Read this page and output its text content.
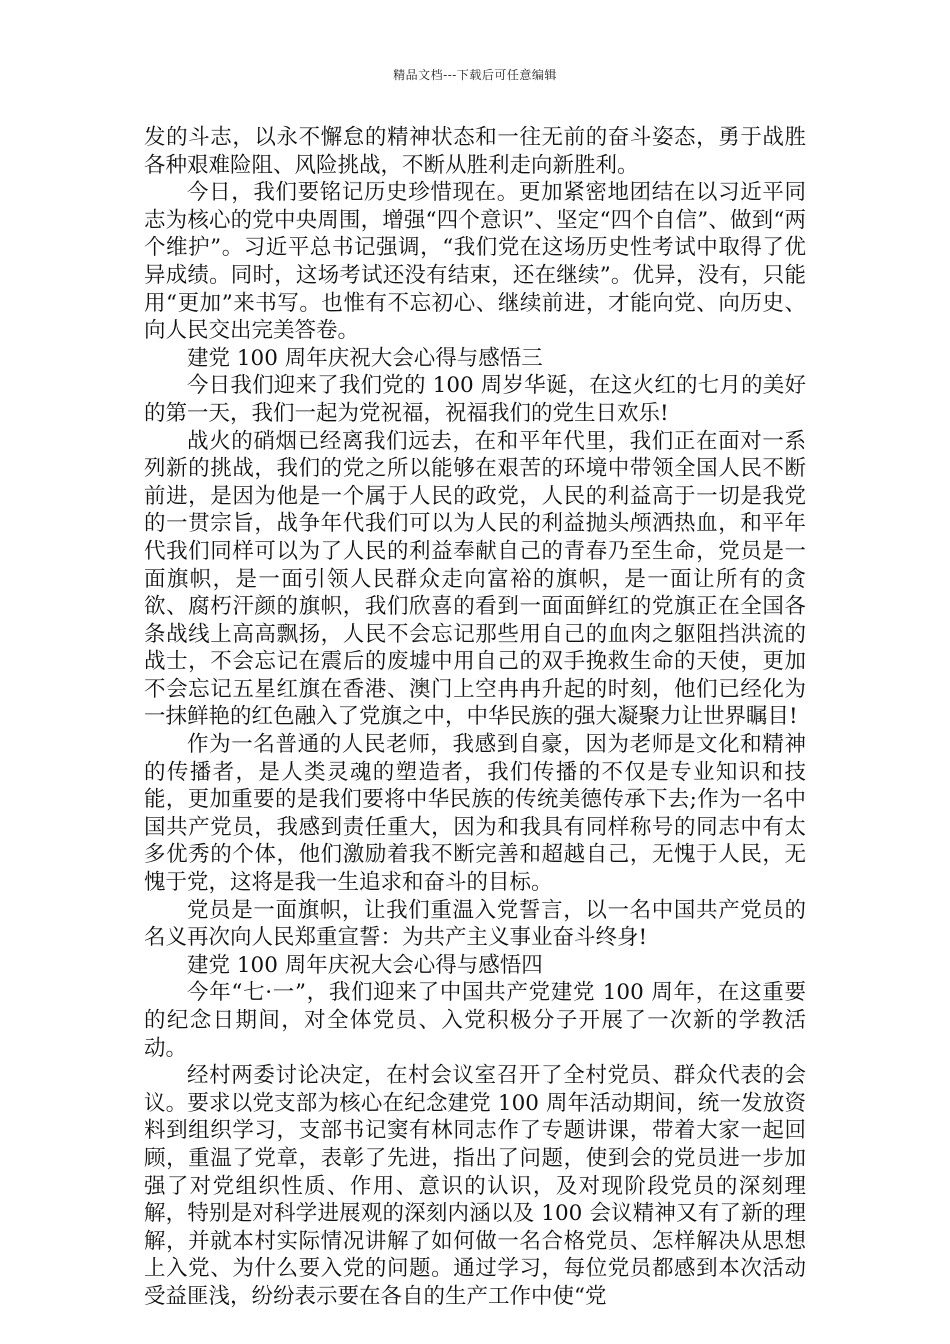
精品文档---下载后可任意编辑

发的斗志，以永不懈怠的精神状态和一往无前的奋斗姿态，勇于战胜各种艰难险阻、风险挑战，不断从胜利走向新胜利。

今日，我们要铭记历史珍惜现在。更加紧密地团结在以习近平同志为核心的党中央周围，增强“四个意识”、坚定“四个自信”、做到“两个维护”。习近平总书记强调，“我们党在这场历史性考试中取得了优异成绩。同时，这场考试还没有结束，还在继续”。优异，没有，只能用“更加”来书写。也惟有不忘初心、继续前进，才能向党、向历史、向人民交出完美答卷。

建党 100 周年庆祝大会心得与感悟三

今日我们迎来了我们党的 100 周岁华诞，在这火红的七月的美好的第一天，我们一起为党祝福，祝福我们的党生日欢乐!

战火的硝烟已经离我们远去，在和平年代里，我们正在面对一系列新的挑战，我们的党之所以能够在艰苦的环境中带领全国人民不断前进，是因为他是一个属于人民的政党，人民的利益高于一切是我党的一贯宗旨，战争年代我们可以为人民的利益抛头颅洒热血，和平年代我们同样可以为了人民的利益奉献自己的青春乃至生命，党员是一面旗帜，是一面引领人民群众走向富裕的旗帜，是一面让所有的贪欲、腐朽汗颜的旗帜，我们欣喜的看到一面面鲜红的党旗正在全国各条战线上高高飘扬，人民不会忘记那些用自己的血肉之躯阻挡洪流的战士，不会忘记在震后的废墟中用自己的双手挽救生命的天使，更加不会忘记五星红旗在香港、澳门上空冉冉升起的时刻，他们已经化为一抹鲜艳的红色融入了党旗之中，中华民族的强大凝聚力让世界瞩目!

作为一名普通的人民老师，我感到自豪，因为老师是文化和精神的传播者，是人类灵魂的塑造者，我们传播的不仅是专业知识和技能，更加重要的是我们要将中华民族的传统美德传承下去;作为一名中国共产党员，我感到责任重大，因为和我具有同样称号的同志中有太多优秀的个体，他们激励着我不断完善和超越自己，无愧于人民，无愧于党，这将是我一生追求和奋斗的目标。

党员是一面旗帜，让我们重温入党誓言，以一名中国共产党员的名义再次向人民郑重宣誓：为共产主义事业奋斗终身!

建党 100 周年庆祝大会心得与感悟四

今年“七·一”，我们迎来了中国共产党建党 100 周年，在这重要的纪念日期间，对全体党员、入党积极分子开展了一次新的学教活动。

经村两委讨论决定，在村会议室召开了全村党员、群众代表的会议。要求以党支部为核心在纪念建党 100 周年活动期间，统一发放资料到组织学习，支部书记窦有林同志作了专题讲课，带着大家一起回顾，重温了党章，表彰了先进，指出了问题，使到会的党员进一步加强了对党组织性质、作用、意识的认识，及对现阶段党员的深刻理解，特别是对科学进展观的深刻内涵以及 100 会议精神又有了新的理解，并就本村实际情况讲解了如何做一名合格党员、怎样解决从思想上入党、为什么要入党的问题。通过学习，每位党员都感到本次活动受益匪浅，纷纷表示要在各自的生产工作中使“党
